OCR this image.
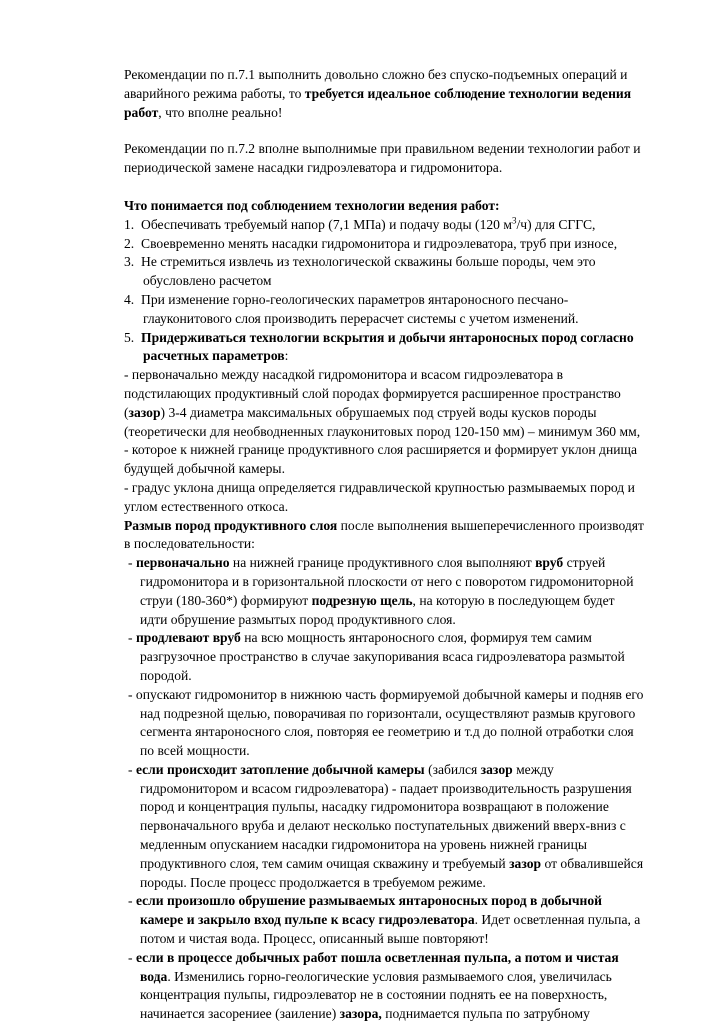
Рекомендации по п.7.1 выполнить довольно сложно без спуско-подъемных операций и аварийного режима работы, то требуется идеальное соблюдение технологии ведения работ, что вполне реально!

Рекомендации по п.7.2 вполне выполнимые при правильном ведении технологии работ и периодической замене насадки гидроэлеватора и гидромонитора.

Что понимается под соблюдением технологии ведения работ:

1. Обеспечивать требуемый напор (7,1 МПа) и подачу воды (120 $м^3/ч$) для СГГС,

2. Своевременно менять насадки гидромонитора и гидроэлеватора, труб при износе,

3. Не стремиться извлечь из технологической скважины больше породы, чем это обусловлено расчетом

4. При изменение горно-геологических параметров янтароносного песчано-глауконитового слоя производить перерасчет системы с учетом изменений.

5. Придерживаться технологии вскрытия и добычи янтароносных пород согласно расчетных параметров:

- первоначально между насадкой гидромонитора и всасом гидроэлеватора в подстилающих продуктивный слой породах формируется расширенное пространство (зазор) 3-4 диаметра максимальных обрушаемых под струей воды кусков породы (теоретически для необводненных глауконитовых пород 120-150 мм) – минимум 360 мм,

- которое к нижней границе продуктивного слоя расширяется и формирует уклон днища будущей добычной камеры.

- градус уклона днища определяется гидравлической крупностью размываемых пород и углом естественного откоса.

Размыв пород продуктивного слоя после выполнения вышеперечисленного производят в последовательности:

- первоначально на нижней границе продуктивного слоя выполняют вруб струей гидромонитора и в горизонтальной плоскости от него с поворотом гидромониторной струи (180-360*) формируют подрезную щель, на которую в последующем будет идти обрушение размытых пород продуктивного слоя.

- продлевают вруб на всю мощность янтароносного слоя, формируя тем самим разгрузочное пространство в случае закупоривания всаса гидроэлеватора размытой породой.

- опускают гидромонитор в нижнюю часть формируемой добычной камеры и подняв его над подрезной щелью, поворачивая по горизонтали, осуществляют размыв кругового сегмента янтароносного слоя, повторяя ее геометрию и т.д до полной отработки слоя по всей мощности.

- если происходит затопление добычной камеры (забился зазор между гидромонитором и всасом гидроэлеватора) - падает производительность разрушения пород и концентрация пульпы, насадку гидромонитора возвращают в положение первоначального вруба и делают несколько поступательных движений вверх-вниз с медленным опусканием насадки гидромонитора на уровень нижней границы продуктивного слоя, тем самим очищая скважину и требуемый зазор от обвалившейся породы. После процесс продолжается в требуемом режиме.

- если произошло обрушение размываемых янтароносных пород в добычной камере и закрыло вход пульпе к всасу гидроэлеватора. Идет осветленная пульпа, а потом и чистая вода. Процесс, описанный выше повторяют!

- если в процессе добычных работ пошла осветленная пульпа, а потом и чистая вода. Изменились горно-геологические условия размываемого слоя, увеличилась концентрация пульпы, гидроэлеватор не в состоянии поднять ее на поверхность, начинается засорениее (заиление) зазора, поднимается пульпа по затрубному
